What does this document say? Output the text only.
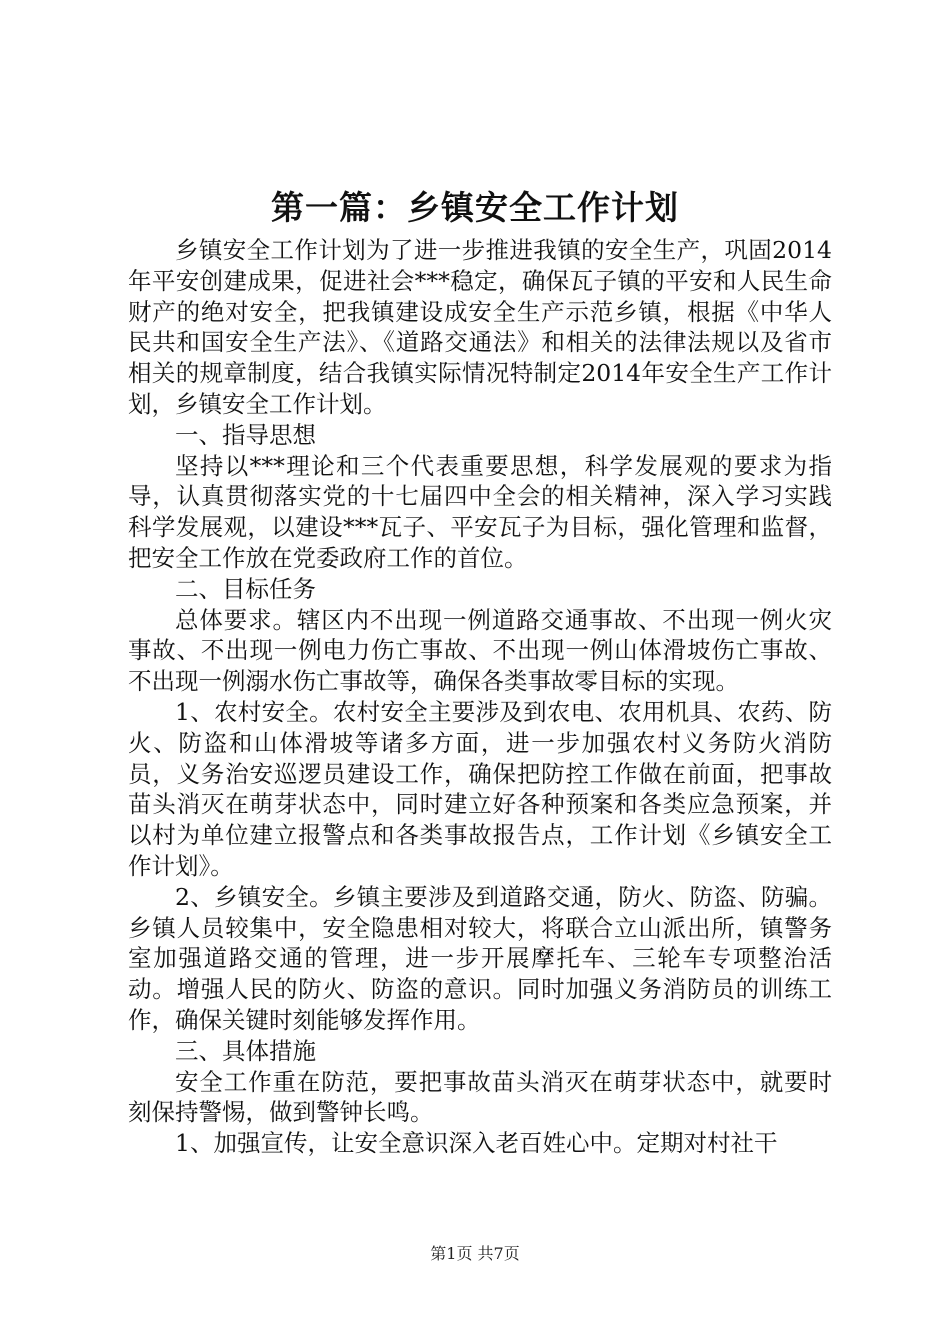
第一篇：乡镇安全工作计划

乡镇安全工作计划为了进一步推进我镇的安全生产，巩固2014年平安创建成果，促进社会***稳定，确保瓦子镇的平安和人民生命财产的绝对安全，把我镇建设成安全生产示范乡镇，根据《中华人民共和国安全生产法》、《道路交通法》和相关的法律法规以及省市相关的规章制度，结合我镇实际情况特制定2014年安全生产工作计划，乡镇安全工作计划。

一、指导思想

坚持以***理论和三个代表重要思想，科学发展观的要求为指导，认真贯彻落实党的十七届四中全会的相关精神，深入学习实践科学发展观，以建设***瓦子、平安瓦子为目标，强化管理和监督，把安全工作放在党委政府工作的首位。

二、目标任务

总体要求。辖区内不出现一例道路交通事故、不出现一例火灾事故、不出现一例电力伤亡事故、不出现一例山体滑坡伤亡事故、不出现一例溺水伤亡事故等，确保各类事故零目标的实现。

1、农村安全。农村安全主要涉及到农电、农用机具、农药、防火、防盗和山体滑坡等诸多方面，进一步加强农村义务防火消防员，义务治安巡逻员建设工作，确保把防控工作做在前面，把事故苗头消灭在萌芽状态中，同时建立好各种预案和各类应急预案，并以村为单位建立报警点和各类事故报告点，工作计划《乡镇安全工作计划》。

2、乡镇安全。乡镇主要涉及到道路交通，防火、防盗、防骗。乡镇人员较集中，安全隐患相对较大，将联合立山派出所，镇警务室加强道路交通的管理，进一步开展摩托车、三轮车专项整治活动。增强人民的防火、防盗的意识。同时加强义务消防员的训练工作，确保关键时刻能够发挥作用。

三、具体措施

安全工作重在防范，要把事故苗头消灭在萌芽状态中，就要时刻保持警惕，做到警钟长鸣。

1、加强宣传，让安全意识深入老百姓心中。定期对村社干

第1页 共7页
